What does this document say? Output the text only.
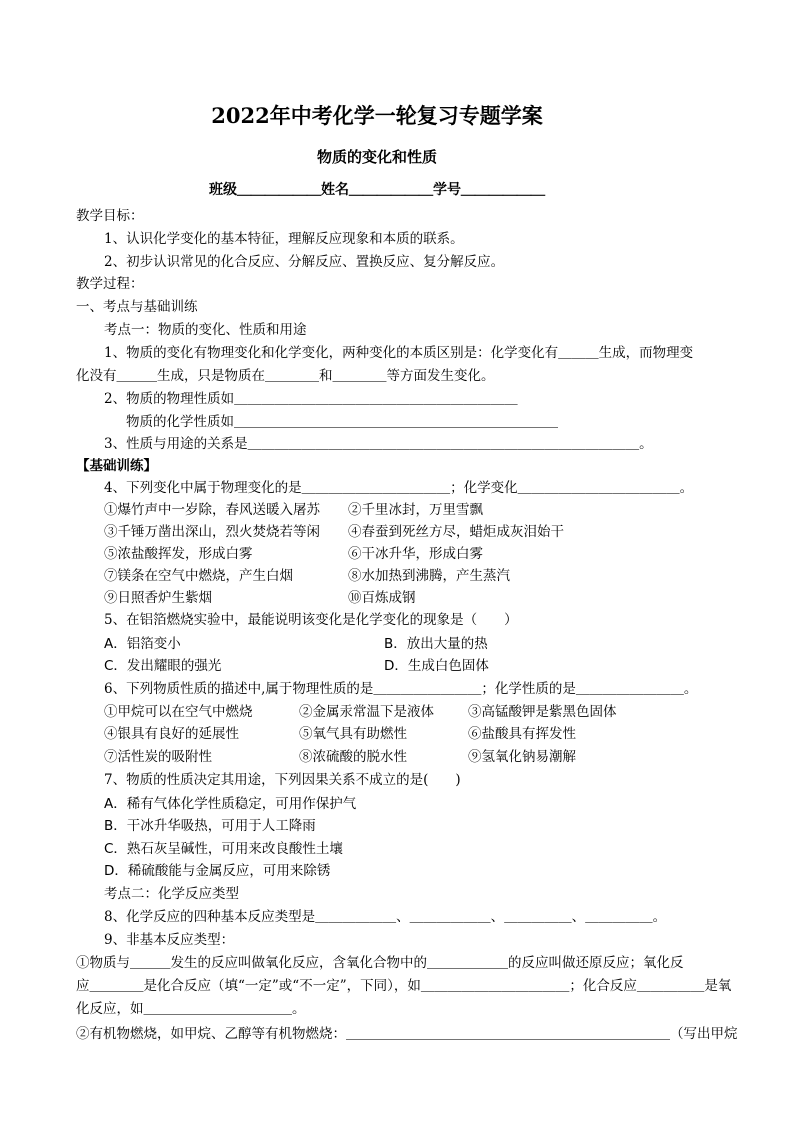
2022年中考化学一轮复习专题学案
物质的变化和性质
班级＿＿＿＿＿＿姓名＿＿＿＿＿＿学号＿＿＿＿＿＿
教学目标：
1、认识化学变化的基本特征，理解反应现象和本质的联系。
2、初步认识常见的化合反应、分解反应、置换反应、复分解反应。
教学过程：
一、考点与基础训练
考点一：物质的变化、性质和用途
1、物质的变化有物理变化和化学变化，两种变化的本质区别是：化学变化有＿＿＿生成，而物理变
化没有＿＿＿生成，只是物质在＿＿＿＿和＿＿＿＿等方面发生变化。
2、物质的物理性质如＿＿＿＿＿＿＿＿＿＿＿＿＿＿＿＿＿＿＿＿＿
物质的化学性质如＿＿＿＿＿＿＿＿＿＿＿＿＿＿＿＿＿＿＿＿＿＿＿＿
3、性质与用途的关系是＿＿＿＿＿＿＿＿＿＿＿＿＿＿＿＿＿＿＿＿＿＿＿＿＿＿＿＿＿。
【基础训练】
4、下列变化中属于物理变化的是＿＿＿＿＿＿＿＿＿＿＿；化学变化＿＿＿＿＿＿＿＿＿＿＿＿。
①爆竹声中一岁除，春风送暖入屠苏 ②千里冰封，万里雪飘
③千锤万凿出深山，烈火焚烧若等闲 ④春蚕到死丝方尽，蜡炬成灰泪始干
⑤浓盐酸挥发，形成白雾	⑥干冰升华，形成白雾
⑦镁条在空气中燃烧，产生白烟	⑧水加热到沸腾，产生蒸汽
⑨日照香炉生紫烟	⑩百炼成钢
5、在铝箔燃烧实验中，最能说明该变化是化学变化的现象是（　　）
A．铝箔变小	B．放出大量的热
C．发出耀眼的强光	D．生成白色固体
6、下列物质性质的描述中,属于物理性质的是＿＿＿＿＿＿＿＿；化学性质的是＿＿＿＿＿＿＿＿。
①甲烷可以在空气中燃烧	②金属汞常温下是液体	③高锰酸钾是紫黑色固体
④银具有良好的延展性	⑤氧气具有助燃性	⑥盐酸具有挥发性
⑦活性炭的吸附性	⑧浓硫酸的脱水性	⑨氢氧化钠易潮解
7、物质的性质决定其用途，下列因果关系不成立的是(　　)
A．稀有气体化学性质稳定，可用作保护气
B．干冰升华吸热，可用于人工降雨
C．熟石灰呈碱性，可用来改良酸性土壤
D．稀硫酸能与金属反应，可用来除锈
考点二：化学反应类型
8、化学反应的四种基本反应类型是＿＿＿＿＿＿、＿＿＿＿＿＿、＿＿＿＿＿、＿＿＿＿＿。
9、非基本反应类型：
①物质与＿＿＿发生的反应叫做氧化反应，含氧化合物中的＿＿＿＿＿＿的反应叫做还原反应；氧化反
应＿＿＿＿是化合反应（填“一定”或“不一定”，下同），如＿＿＿＿＿＿＿＿＿＿＿；化合反应＿＿＿＿＿是氧
化反应，如＿＿＿＿＿＿＿＿＿＿＿。
②有机物燃烧，如甲烷、乙醇等有机物燃烧：＿＿＿＿＿＿＿＿＿＿＿＿＿＿＿＿＿＿＿＿＿＿＿＿（写出甲烷
